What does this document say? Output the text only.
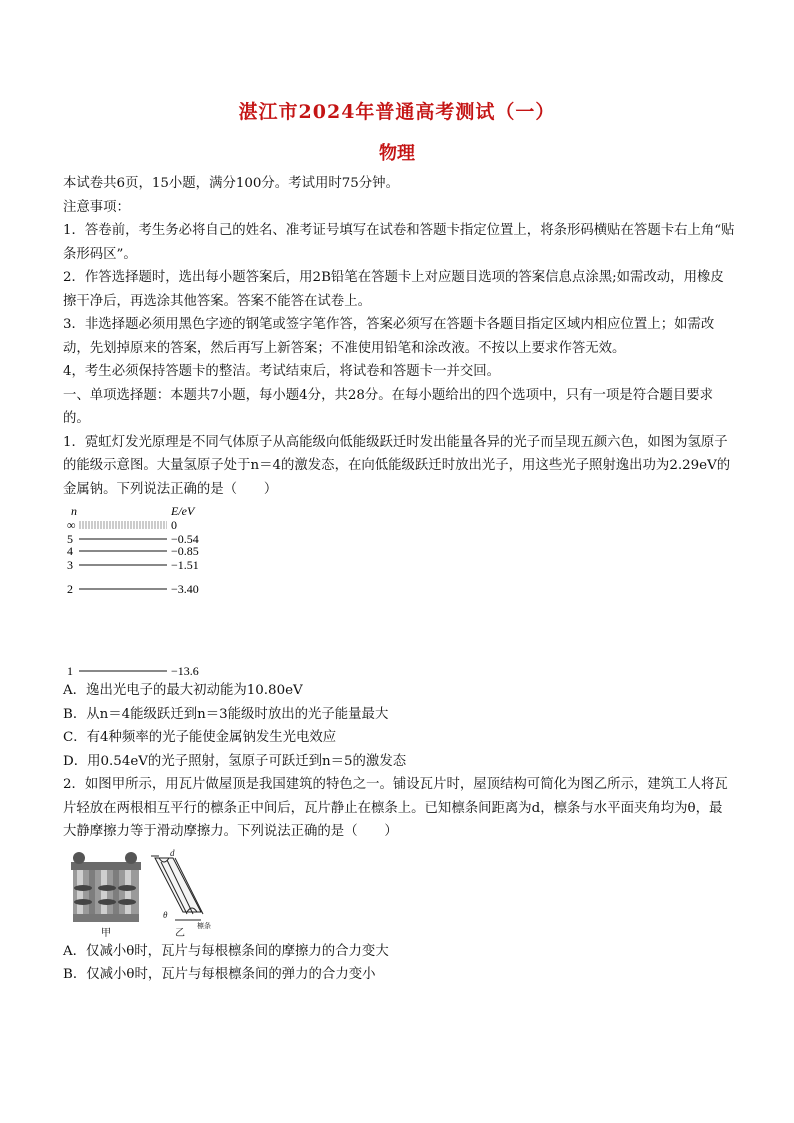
湛江市2024年普通高考测试（一）
物理

本试卷共6页，15小题，满分100分。考试用时75分钟。

注意事项：

1．答卷前，考生务必将自己的姓名、准考证号填写在试卷和答题卡指定位置上，将条形码横贴在答题卡右上角“贴条形码区”。

2．作答选择题时，选出每小题答案后，用2B铅笔在答题卡上对应题目选项的答案信息点涂黑;如需改动，用橡皮擦干净后，再选涂其他答案。答案不能答在试卷上。

3．非选择题必须用黑色字迹的钢笔或签字笔作答，答案必须写在答题卡各题目指定区域内相应位置上；如需改动，先划掉原来的答案，然后再写上新答案；不准使用铅笔和涂改液。不按以上要求作答无效。

4，考生必须保持答题卡的整洁。考试结束后，将试卷和答题卡一并交回。

一、单项选择题：本题共7小题，每小题4分，共28分。在每小题给出的四个选项中，只有一项是符合题目要求的。

1．霓虹灯发光原理是不同气体原子从高能级向低能级跃迁时发出能量各异的光子而呈现五颜六色，如图为氢原子的能级示意图。大量氢原子处于n＝4的激发态，在向低能级跃迁时放出光子，用这些光子照射逸出功为2.29eV的金属钠。下列说法正确的是（　　）

n	E/eV
∞	0
5	−0.54
4	−0.85
3	−1.51
2	−3.40
1	−13.6

A．逸出光电子的最大初动能为10.80eV

B．从n＝4能级跃迁到n＝3能级时放出的光子能量最大

C．有4种频率的光子能使金属钠发生光电效应

D．用0.54eV的光子照射，氢原子可跃迁到n＝5的激发态

2．如图甲所示，用瓦片做屋顶是我国建筑的特色之一。铺设瓦片时，屋顶结构可简化为图乙所示，建筑工人将瓦片轻放在两根相互平行的檩条正中间后，瓦片静止在檩条上。已知檩条间距离为d，檩条与水平面夹角均为θ，最大静摩擦力等于滑动摩擦力。下列说法正确的是（　　）

甲
d
θ
檩条
乙

A．仅减小θ时，瓦片与每根檩条间的摩擦力的合力变大

B．仅减小θ时，瓦片与每根檩条间的弹力的合力变小
